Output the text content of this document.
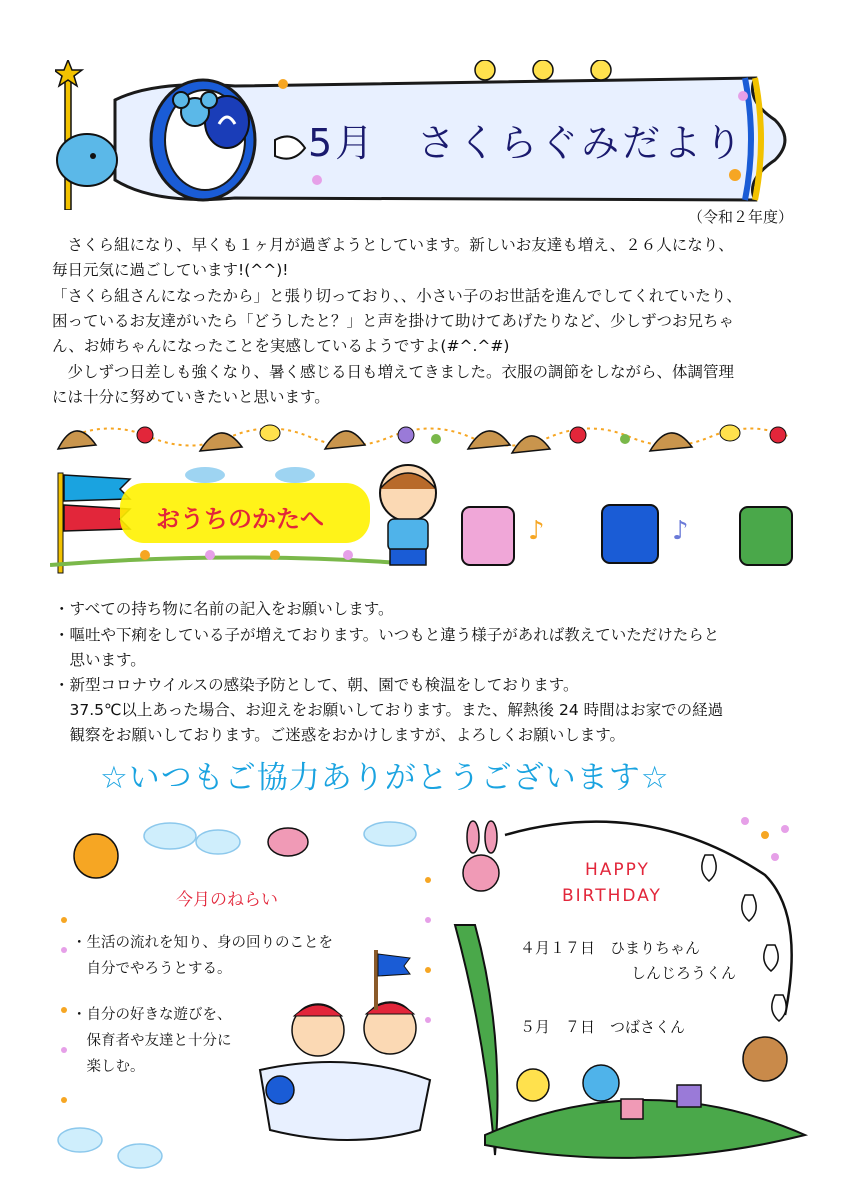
5月　さくらぐみだより
（令和２年度）
　さくら組になり、早くも１ヶ月が過ぎようとしています。新しいお友達も増え、２６人になり、
毎日元気に過ごしています!(^^)!
「さくら組さんになったから」と張り切っており、、小さい子のお世話を進んでしてくれていたり、
困っているお友達がいたら「どうしたと？」と声を掛けて助けてあげたりなど、少しずつお兄ちゃ
ん、お姉ちゃんになったことを実感しているようですよ(#^.^#)
　少しずつ日差しも強くなり、暑く感じる日も増えてきました。衣服の調節をしながら、体調管理
には十分に努めていきたいと思います。
♪	♪
おうちのかたへ
・すべての持ち物に名前の記入をお願いします。
・嘔吐や下痢をしている子が増えております。いつもと違う様子があれば教えていただけたらと
　思います。
・新型コロナウイルスの感染予防として、朝、園でも検温をしております。
　37.5℃以上あった場合、お迎えをお願いしております。また、解熱後 24 時間はお家での経過
　観察をお願いしております。ご迷惑をおかけしますが、よろしくお願いします。
☆いつもご協力ありがとうございます☆
今月のねらい
・生活の流れを知り、身の回りのことを
　自分でやろうとする。
・自分の好きな遊びを、
　保育者や友達と十分に
　楽しむ。
HAPPY
BIRTHDAY
４月１７日　ひまりちゃん
しんじろうくん
５月　７日　つばさくん
